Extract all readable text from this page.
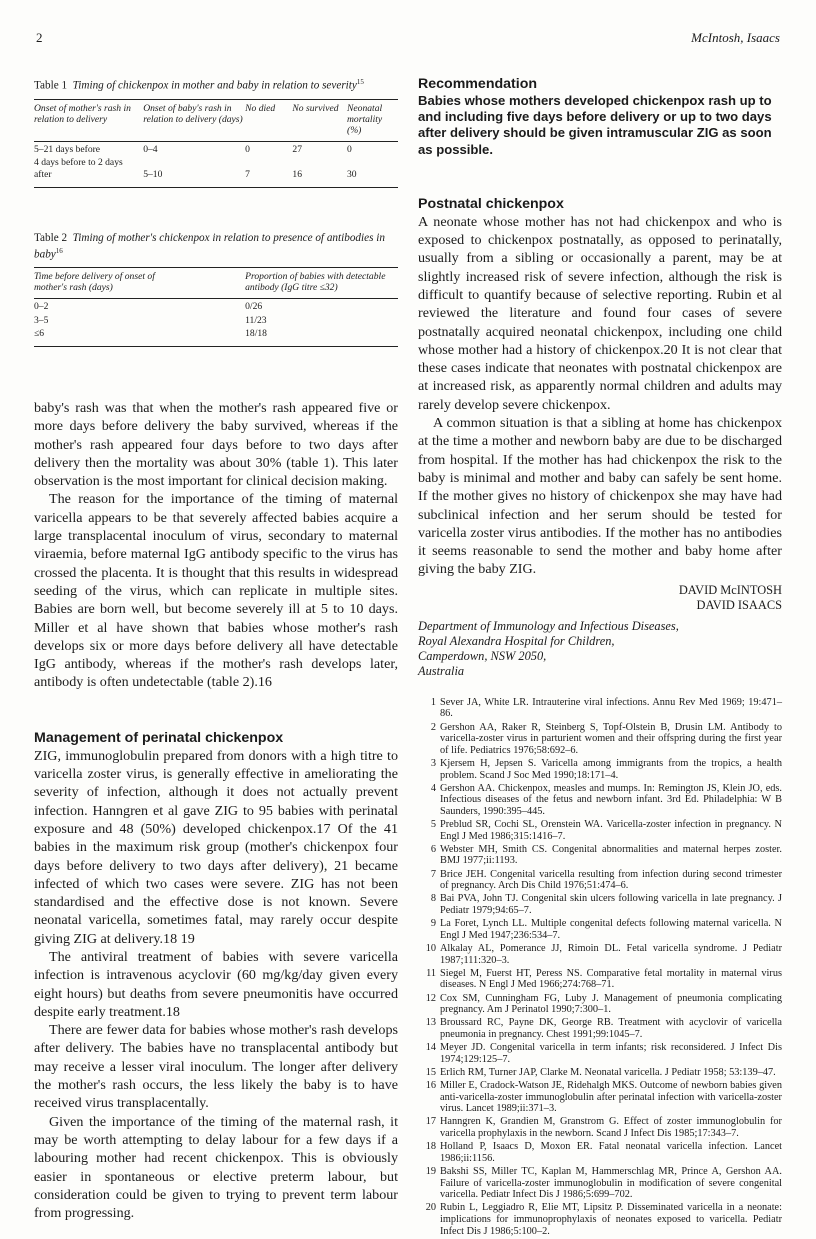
2	McIntosh, Isaacs

Table 1 Timing of chickenpox in mother and baby in relation to severity$^{15}$

Onset of mother's rash in relation to delivery	Onset of baby's rash in relation to delivery (days)	No died	No survived	Neonatal mortality (%)
5–21 days before	0–4	0	27	0
4 days before to 2 days after	5–10	7	16	30

Table 2 Timing of mother's chickenpox in relation to presence of antibodies in baby$^{16}$

Time before delivery of onset of mother's rash (days)	Proportion of babies with detectable antibody (IgG titre ≤32)
0–2	0/26
3–5	11/23
≤6	18/18

baby's rash was that when the mother's rash appeared five or more days before delivery the baby survived, whereas if the mother's rash appeared four days before to two days after delivery then the mortality was about 30% (table 1). This later observation is the most important for clinical decision making.

The reason for the importance of the timing of maternal varicella appears to be that severely affected babies acquire a large transplacental inoculum of virus, secondary to maternal viraemia, before maternal IgG antibody specific to the virus has crossed the placenta. It is thought that this results in widespread seeding of the virus, which can replicate in multiple sites. Babies are born well, but become severely ill at 5 to 10 days. Miller et al have shown that babies whose mother's rash develops six or more days before delivery all have detectable IgG antibody, whereas if the mother's rash develops later, antibody is often undetectable (table 2).16

Management of perinatal chickenpox

ZIG, immunoglobulin prepared from donors with a high titre to varicella zoster virus, is generally effective in ameliorating the severity of infection, although it does not actually prevent infection. Hanngren et al gave ZIG to 95 babies with perinatal exposure and 48 (50%) developed chickenpox.17 Of the 41 babies in the maximum risk group (mother's chickenpox four days before delivery to two days after delivery), 21 became infected of which two cases were severe. ZIG has not been standardised and the effective dose is not known. Severe neonatal varicella, sometimes fatal, may rarely occur despite giving ZIG at delivery.18 19

The antiviral treatment of babies with severe varicella infection is intravenous acyclovir (60 mg/kg/day given every eight hours) but deaths from severe pneumonitis have occurred despite early treatment.18

There are fewer data for babies whose mother's rash develops after delivery. The babies have no transplacental antibody but may receive a lesser viral inoculum. The longer after delivery the mother's rash occurs, the less likely the baby is to have received virus transplacentally.

Given the importance of the timing of the maternal rash, it may be worth attempting to delay labour for a few days if a labouring mother had recent chickenpox. This is obviously easier in spontaneous or elective preterm labour, but consideration could be given to trying to prevent term labour from progressing.

Recommendation

Babies whose mothers developed chickenpox rash up to and including five days before delivery or up to two days after delivery should be given intramuscular ZIG as soon as possible.

Postnatal chickenpox

A neonate whose mother has not had chickenpox and who is exposed to chickenpox postnatally, as opposed to perinatally, usually from a sibling or occasionally a parent, may be at slightly increased risk of severe infection, although the risk is difficult to quantify because of selective reporting. Rubin et al reviewed the literature and found four cases of severe postnatally acquired neonatal chickenpox, including one child whose mother had a history of chickenpox.20 It is not clear that these cases indicate that neonates with postnatal chickenpox are at increased risk, as apparently normal children and adults may rarely develop severe chickenpox.

A common situation is that a sibling at home has chickenpox at the time a mother and newborn baby are due to be discharged from hospital. If the mother has had chickenpox the risk to the baby is minimal and mother and baby can safely be sent home. If the mother gives no history of chickenpox she may have had subclinical infection and her serum should be tested for varicella zoster virus antibodies. If the mother has no antibodies it seems reasonable to send the mother and baby home after giving the baby ZIG.

DAVID McINTOSH
DAVID ISAACS
Department of Immunology and Infectious Diseases,
Royal Alexandra Hospital for Children,
Camperdown, NSW 2050,
Australia
1 Sever JA, White LR. Intrauterine viral infections. Annu Rev Med 1969; 19:471–86.
2 Gershon AA, Raker R, Steinberg S, Topf-Olstein B, Drusin LM. Antibody to varicella-zoster virus in parturient women and their offspring during the first year of life. Pediatrics 1976;58:692–6.
3 Kjersem H, Jepsen S. Varicella among immigrants from the tropics, a health problem. Scand J Soc Med 1990;18:171–4.
4 Gershon AA. Chickenpox, measles and mumps. In: Remington JS, Klein JO, eds. Infectious diseases of the fetus and newborn infant. 3rd Ed. Philadelphia: W B Saunders, 1990:395–445.
5 Preblud SR, Cochi SL, Orenstein WA. Varicella-zoster infection in pregnancy. N Engl J Med 1986;315:1416–7.
6 Webster MH, Smith CS. Congenital abnormalities and maternal herpes zoster. BMJ 1977;ii:1193.
7 Brice JEH. Congenital varicella resulting from infection during second trimester of pregnancy. Arch Dis Child 1976;51:474–6.
8 Bai PVA, John TJ. Congenital skin ulcers following varicella in late pregnancy. J Pediatr 1979;94:65–7.
9 La Foret, Lynch LL. Multiple congenital defects following maternal varicella. N Engl J Med 1947;236:534–7.
10 Alkalay AL, Pomerance JJ, Rimoin DL. Fetal varicella syndrome. J Pediatr 1987;111:320–3.
11 Siegel M, Fuerst HT, Peress NS. Comparative fetal mortality in maternal virus diseases. N Engl J Med 1966;274:768–71.
12 Cox SM, Cunningham FG, Luby J. Management of pneumonia complicating pregnancy. Am J Perinatol 1990;7:300–1.
13 Broussard RC, Payne DK, George RB. Treatment with acyclovir of varicella pneumonia in pregnancy. Chest 1991;99:1045–7.
14 Meyer JD. Congenital varicella in term infants; risk reconsidered. J Infect Dis 1974;129:125–7.
15 Erlich RM, Turner JAP, Clarke M. Neonatal varicella. J Pediatr 1958; 53:139–47.
16 Miller E, Cradock-Watson JE, Ridehalgh MKS. Outcome of newborn babies given anti-varicella-zoster immunoglobulin after perinatal infection with varicella-zoster virus. Lancet 1989;ii:371–3.
17 Hanngren K, Grandien M, Granstrom G. Effect of zoster immunoglobulin for varicella prophylaxis in the newborn. Scand J Infect Dis 1985;17:343–7.
18 Holland P, Isaacs D, Moxon ER. Fatal neonatal varicella infection. Lancet 1986;ii:1156.
19 Bakshi SS, Miller TC, Kaplan M, Hammerschlag MR, Prince A, Gershon AA. Failure of varicella-zoster immunoglobulin in modification of severe congenital varicella. Pediatr Infect Dis J 1986;5:699–702.
20 Rubin L, Leggiadro R, Elie MT, Lipsitz P. Disseminated varicella in a neonate: implications for immunoprophylaxis of neonates exposed to varicella. Pediatr Infect Dis J 1986;5:100–2.
